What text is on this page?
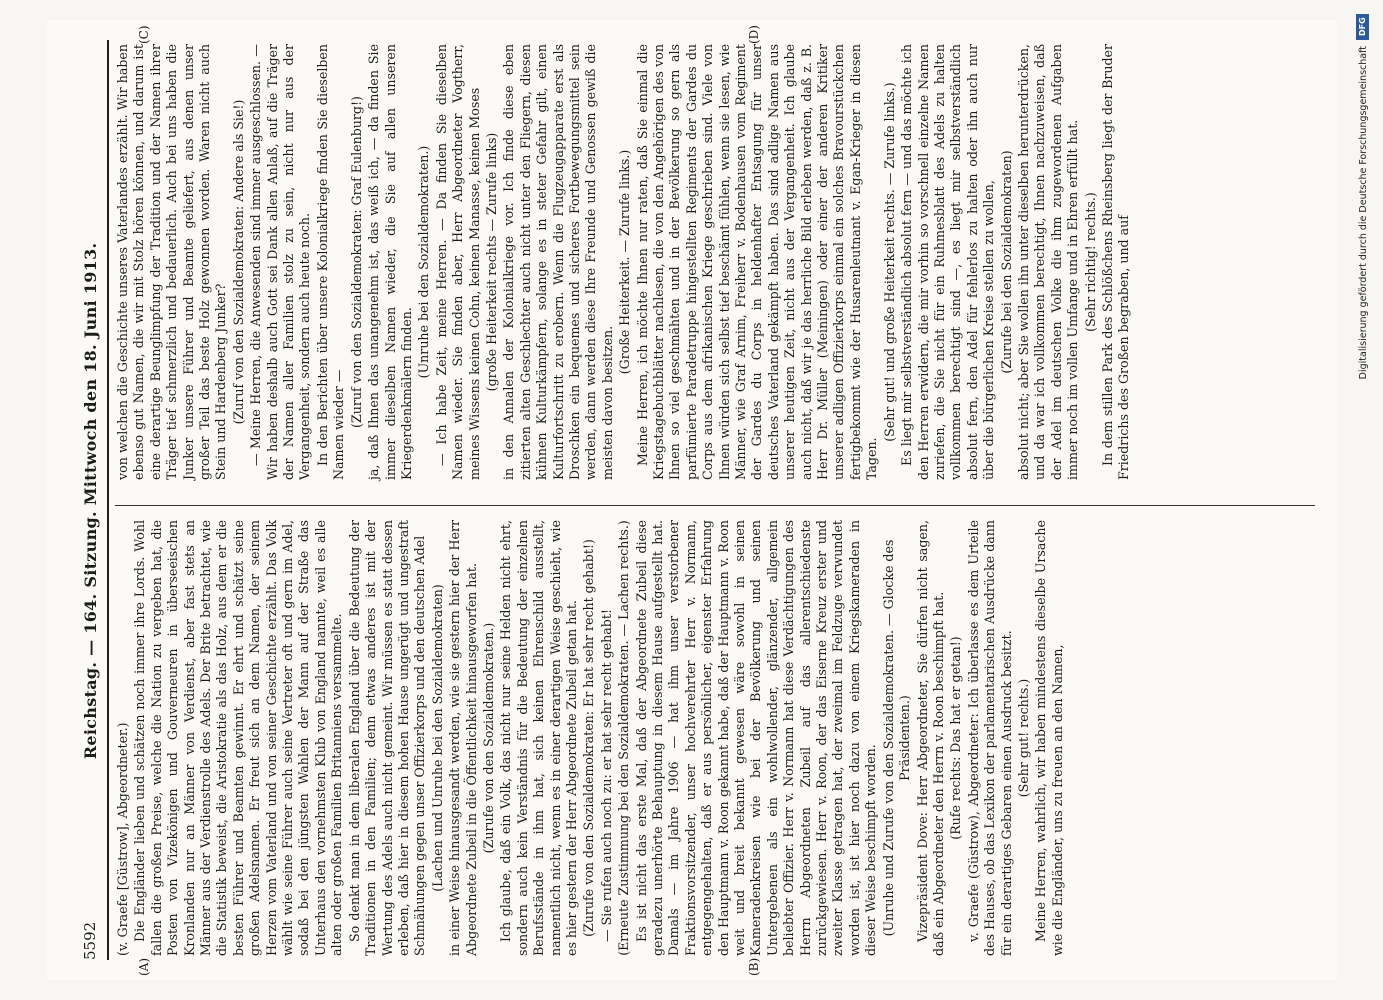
5592
Reichstag. — 164. Sitzung. Mittwoch den 18. Juni 1913.
(A)	(B)
(C)	(D)

(v. Graefe [Güstrow], Abgeordneter.) Die Engländer lieben und schätzen noch immer ihre Lords. Wohl fallen die großen Preise, welche die Nation zu vergeben hat, die Posten von Vizekönigen und Gouverneuren in überseeischen Kronlanden nur an Männer von Verdienst, aber fast stets an Männer aus der Verdienstrolle des Adels. Der Brite betrachtet, wie die Statistik beweist, die Aristokratie als das Holz, aus dem er die besten Führer und Beamten gewinnt. Er ehrt und schätzt seine großen Adelsnamen. Er freut sich an dem Namen, der seinem Herzen vom Vaterland und von seiner Geschichte erzählt. Das Volk wählt wie seine Führer auch seine Vertreter oft und gern im Adel, sodaß bei den jüngsten Wahlen der Mann auf der Straße das Unterhaus den vornehmsten Klub von England nannte, weil es alle alten oder großen Familien Britanniens versammelte. So denkt man in dem liberalen England über die Bedeutung der Traditionen in den Familien; denn etwas anderes ist mit der Wertung des Adels auch nicht gemeint. Wir müssen es statt dessen erleben, daß hier in diesem hohen Hause ungerügt und ungestraft Schmähungen gegen unser Offizierkorps und den deutschen Adel (Lachen und Unruhe bei den Sozialdemokraten) in einer Weise hinausgesandt werden, wie sie gestern hier der Herr Abgeordnete Zubeil in die Öffentlichkeit hinausgeworfen hat. (Zurufe von den Sozialdemokraten.) Ich glaube, daß ein Volk, das nicht nur seine Helden nicht ehrt, sondern auch kein Verständnis für die Bedeutung der einzelnen Berufsstände in ihm hat, sich keinen Ehrenschild ausstellt, namentlich nicht, wenn es in einer derartigen Weise geschieht, wie es hier gestern der Herr Abgeordnete Zubeil getan hat. (Zurufe von den Sozialdemokraten: Er hat sehr recht gehabt!) — Sie rufen auch noch zu: er hat sehr recht gehabt! (Erneute Zustimmung bei den Sozialdemokraten. — Lachen rechts.) Es ist nicht das erste Mal, daß der Abgeordnete Zubeil diese geradezu unerhörte Behauptung in diesem Hause aufgestellt hat. Damals — im Jahre 1906 — hat ihm unser verstorbener Fraktionsvorsitzender, unser hochverehrter Herr v. Normann, entgegengehalten, daß er aus persönlicher, eigenster Erfahrung den Hauptmann v. Roon gekannt habe, daß der Hauptmann v. Roon weit und breit bekannt gewesen wäre sowohl in seinen Kameradenkreisen wie bei der Bevölkerung und seinen Untergebenen als ein wohlwollender, glänzender, allgemein beliebter Offizier. Herr v. Normann hat diese Verdächtigungen des Herrn Abgeordneten Zubeil auf das allerentschiedenste zurückgewiesen. Herr v. Roon, der das Eiserne Kreuz erster und zweiter Klasse getragen hat, der zweimal im Feldzuge verwundet worden ist, ist hier noch dazu von einem Kriegskameraden in dieser Weise beschimpft worden. (Unruhe und Zurufe von den Sozialdemokraten. — Glocke des Präsidenten.) Vizepräsident Dove: Herr Abgeordneter, Sie dürfen nicht sagen, daß ein Abgeordneter den Herrn v. Roon beschimpft hat. (Rufe rechts: Das hat er getan!) v. Graefe (Güstrow), Abgeordneter: Ich überlasse es dem Urteile des Hauses, ob das Lexikon der parlamentarischen Ausdrücke dann für ein derartiges Gebaren einen Ausdruck besitzt. (Sehr gut! rechts.) Meine Herren, wahrlich, wir haben mindestens dieselbe Ursache wie die Engländer, uns zu freuen an den Namen,

von welchen die Geschichte unseres Vaterlandes erzählt. Wir haben ebenso gut Namen, die wir mit Stolz hören können, und darum ist eine derartige Beunglimpfung der Tradition und der Namen ihrer Träger tief schmerzlich und bedauerlich. Auch bei uns haben die Junker unsere Führer und Beamte geliefert, aus denen unser großer Teil das beste Holz gewonnen worden. Waren nicht auch Stein und Hardenberg Junker? (Zuruf von den Sozialdemokraten: Andere als Sie!) — Meine Herren, die Anwesenden sind immer ausgeschlossen. — Wir haben deshalb auch Gott sei Dank allen Anlaß, auf die Träger der Namen aller Familien stolz zu sein, nicht nur aus der Vergangenheit, sondern auch heute noch. In den Berichten über unsere Kolonialkriege finden Sie dieselben Namen wieder — (Zuruf von den Sozialdemokraten: Graf Eulenburg!) ja, daß Ihnen das unangenehm ist, das weiß ich, — da finden Sie immer dieselben Namen wieder, die Sie auf allen unseren Kriegerdenkmälern finden.

(Unruhe bei den Sozialdemokraten.) — Ich habe Zeit, meine Herren. — Da finden Sie dieselben Namen wieder. Sie finden aber, Herr Abgeordneter Vogtherr, meines Wissens keinen Cohn, keinen Manasse, keinen Moses (große Heiterkeit rechts — Zurufe links) in den Annalen der Kolonialkriege vor. Ich finde diese eben zitierten alten Geschlechter auch nicht unter den Fliegern, diesen kühnen Kulturkämpfern, solange es in steter Gefahr gilt, einen Kulturfortschritt zu erobern. Wenn die Flugzeugapparate erst als Droschken ein bequemes und sicheres Fortbewegungsmittel sein werden, dann werden diese Ihre Freunde und Genossen gewiß die meisten davon besitzen.

(Große Heiterkeit. — Zurufe links.) Meine Herren, ich möchte Ihnen nur raten, daß Sie einmal die Kriegstagebuchblätter nachlesen, die von den Angehörigen des von Ihnen so viel geschmähten und in der Bevölkerung so gern als parfümierte Paradetruppe hingestellten Regiments der Gardes du Corps aus dem afrikanischen Kriege geschrieben sind. Viele von Ihnen würden sich selbst tief beschämt fühlen, wenn sie lesen, wie Männer, wie Graf Arnim, Freiherr v. Bodenhausen vom Regiment der Gardes du Corps in heldenhafter Entsagung für unser deutsches Vaterland gekämpft haben. Das sind adlige Namen aus unserer heutigen Zeit, nicht aus der Vergangenheit. Ich glaube auch nicht, daß wir je das herrliche Bild erleben werden, daß z. B. Herr Dr. Müller (Meiningen) oder einer der anderen Kritiker unserer adligen Offizierkorps einmal ein solches Bravourstückchen fertigbekommt wie der Husarenleutnant v. Egan-Krieger in diesen Tagen.

(Sehr gut! und große Heiterkeit rechts. — Zurufe links.) Es liegt mir selbstverständlich absolut fern — und das möchte ich den Herren erwidern, die mir vorhin so vorschnell einzelne Namen zuriefen, die Sie nicht für ein Ruhmesblatt des Adels zu halten vollkommen berechtigt sind —, es liegt mir selbstverständlich absolut fern, den Adel für fehlerlos zu halten oder ihn auch nur über die bürgerlichen Kreise stellen zu wollen, (Zurufe bei den Sozialdemokraten) absolut nicht; aber Sie wollen ihn unter dieselben herunterdrücken, und da war ich vollkommen berechtigt, Ihnen nachzuweisen, daß der Adel im deutschen Volke die ihm zugewordenen Aufgaben immer noch im vollen Umfange und in Ehren erfüllt hat. (Sehr richtig! rechts.) In dem stillen Park des Schlößchens Rheinsberg liegt der Bruder Friedrichs des Großen begraben, und auf

DFG
Digitalisierung gefördert durch die Deutsche Forschungsgemeinschaft
